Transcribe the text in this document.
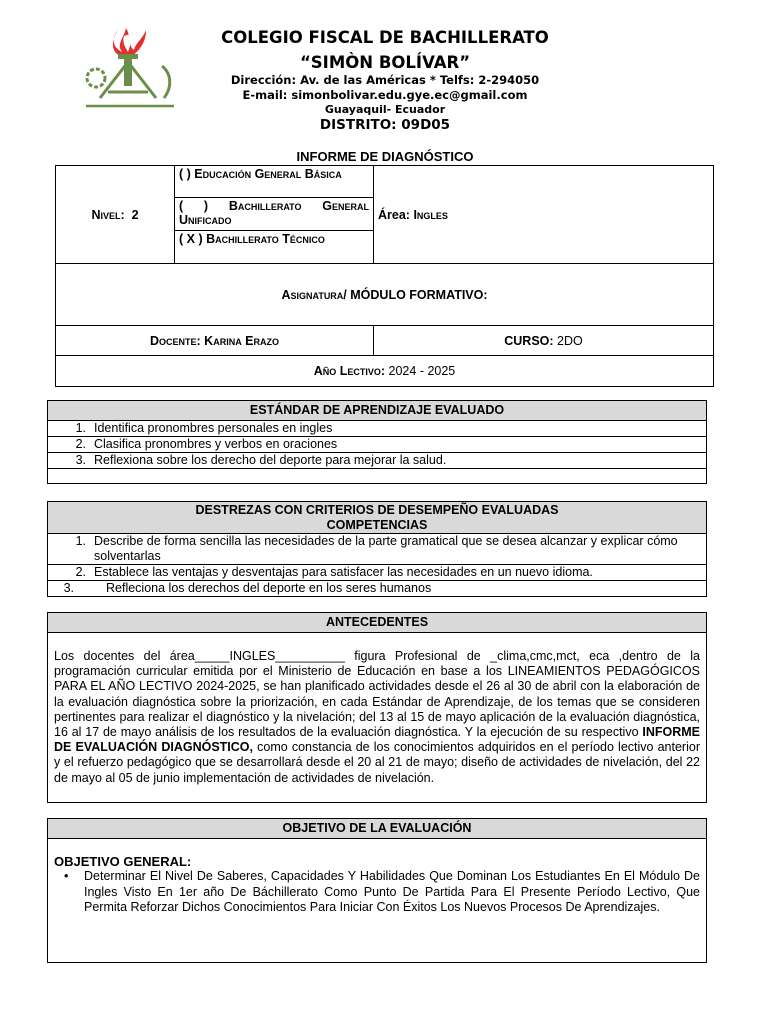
COLEGIO FISCAL DE BACHILLERATO
“SIMÒN BOLÍVAR”
Dirección: Av. de las Américas * Telfs: 2-294050
E-mail: simonbolivar.edu.gye.ec@gmail.com
Guayaquil- Ecuador
DISTRITO: 09D05
INFORME DE DIAGNÓSTICO
Nivel: 2	( ) Educación General Básica
( ) Bachillerato General Unificado
( X ) Bachillerato Técnico	Área: Ingles
Asignatura/ MÓDULO FORMATIVO:		
Docente: Karina Erazo		CURSO: 2DO
Año Lectivo: 2024 - 2025		
ESTÁNDAR DE APRENDIZAJE EVALUADO
1. Identifica pronombres personales en ingles
2. Clasifica pronombres y verbos en oraciones
3. Reflexiona sobre los derecho del deporte para mejorar la salud.
DESTREZAS CON CRITERIOS DE DESEMPEÑO EVALUADAS
COMPETENCIAS
1. Describe de forma sencilla las necesidades de la parte gramatical que se desea alcanzar y explicar cómo solventarlas
2. Establece las ventajas y desventajas para satisfacer las necesidades en un nuevo idioma.
3.	Refleciona los derechos del deporte en los seres humanos
ANTECEDENTES
Los docentes del área_____INGLES__________ figura Profesional de _clima,cmc,mct, eca ,dentro de la programación curricular emitida por el Ministerio de Educación en base a los LINEAMIENTOS PEDAGÓGICOS PARA EL AÑO LECTIVO 2024-2025, se han planificado actividades desde el 26 al 30 de abril con la elaboración de la evaluación diagnóstica sobre la priorización, en cada Estándar de Aprendizaje, de los temas que se consideren pertinentes para realizar el diagnóstico y la nivelación; del 13 al 15 de mayo aplicación de la evaluación diagnóstica, 16 al 17 de mayo análisis de los resultados de la evaluación diagnóstica. Y la ejecución de su respectivo INFORME DE EVALUACIÓN DIAGNÓSTICO, como constancia de los conocimientos adquiridos en el período lectivo anterior y el refuerzo pedagógico que se desarrollará desde el 20 al 21 de mayo; diseño de actividades de nivelación, del 22 de mayo al 05 de junio implementación de actividades de nivelación.
OBJETIVO DE LA EVALUACIÓN
OBJETIVO GENERAL:
• Determinar El Nivel De Saberes, Capacidades Y Habilidades Que Dominan Los Estudiantes En El Módulo De Ingles Visto En 1er año De Báchillerato Como Punto De Partida Para El Presente Período Lectivo, Que Permita Reforzar Dichos Conocimientos Para Iniciar Con Éxitos Los Nuevos Procesos De Aprendizajes.
